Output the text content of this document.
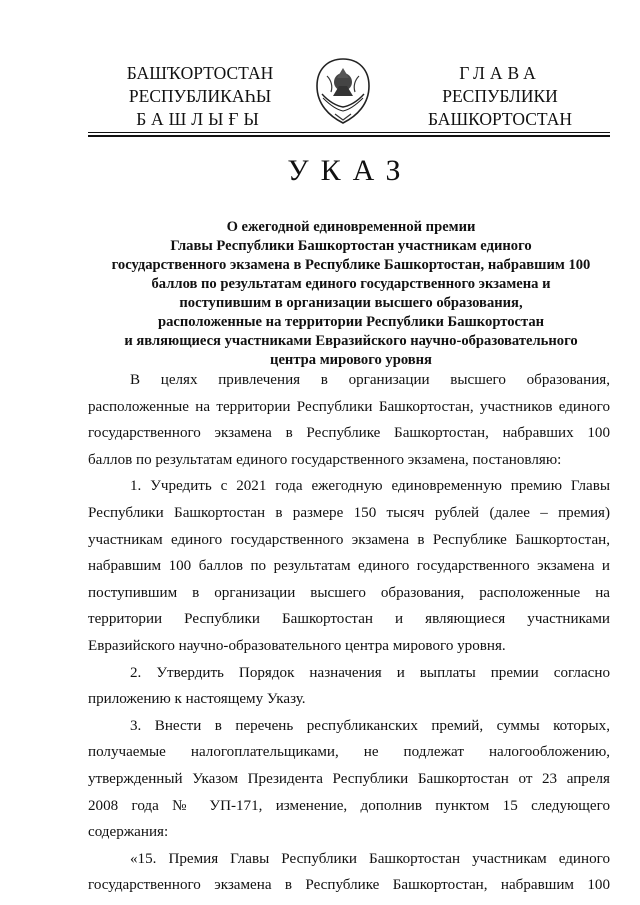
БАШҠОРТОСТАН
РЕСПУБЛИКАҺЫ
БАШЛЫҒЫ
ГЛАВА
РЕСПУБЛИКИ
БАШКОРТОСТАН
УКАЗ
О ежегодной единовременной премии
Главы Республики Башкортостан участникам единого
государственного экзамена в Республике Башкортостан, набравшим 100
баллов по результатам единого государственного экзамена и
поступившим в организации высшего образования,
расположенные на территории Республики Башкортостан
и являющиеся участниками Евразийского научно-образовательного
центра мирового уровня
В целях привлечения в организации высшего образования,
расположенные на территории Республики Башкортостан, участников единого
государственного экзамена в Республике Башкортостан, набравших 100
баллов по результатам единого государственного экзамена, постановляю:
1. Учредить с 2021 года ежегодную единовременную премию Главы
Республики Башкортостан в размере 150 тысяч рублей (далее – премия)
участникам единого государственного экзамена в Республике Башкортостан,
набравшим 100 баллов по результатам единого государственного экзамена и
поступившим в организации высшего образования, расположенные на
территории Республики Башкортостан и являющиеся участниками
Евразийского научно-образовательного центра мирового уровня.
2. Утвердить Порядок назначения и выплаты премии согласно
приложению к настоящему Указу.
3. Внести в перечень республиканских премий, суммы которых,
получаемые налогоплательщиками, не подлежат налогообложению,
утвержденный Указом Президента Республики Башкортостан от 23 апреля
2008 года № УП-171, изменение, дополнив пунктом 15 следующего
содержания:
«15. Премия Главы Республики Башкортостан участникам единого
государственного экзамена в Республике Башкортостан, набравшим 100
